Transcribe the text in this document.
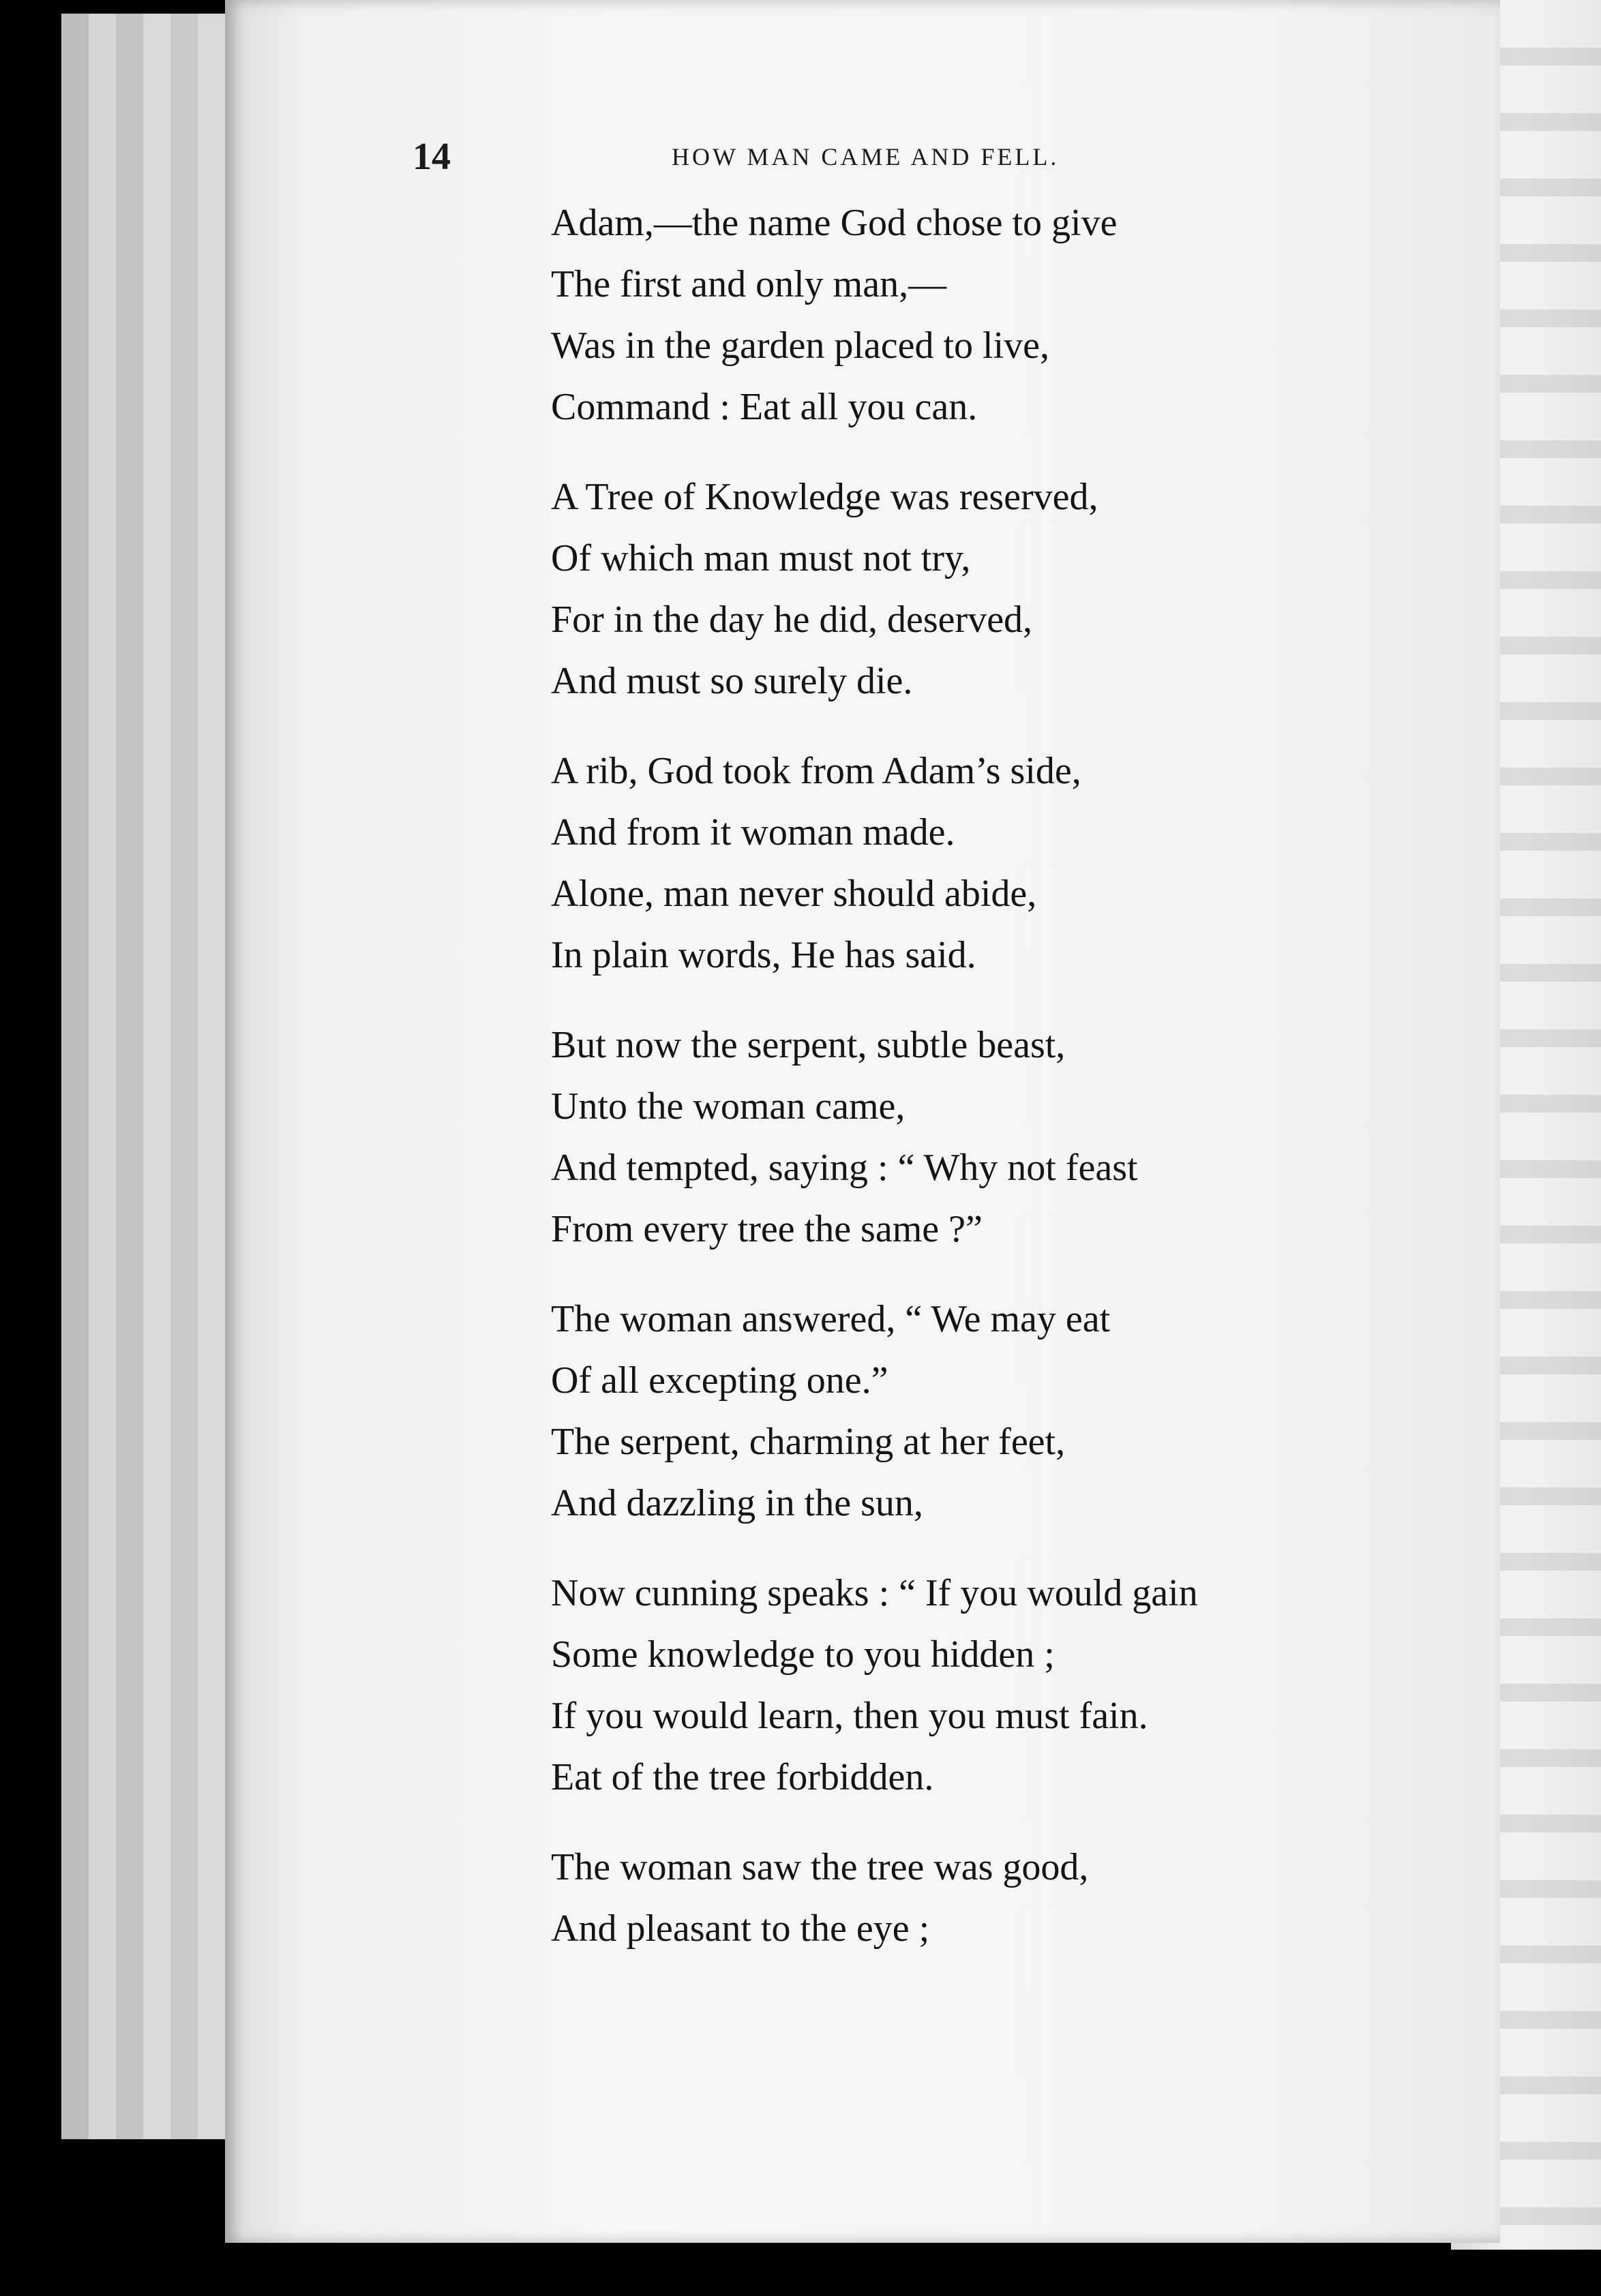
14	HOW MAN CAME AND FELL.
Adam,—the name God chose to give
The first and only man,—
Was in the garden placed to live,
Command : Eat all you can.
A Tree of Knowledge was reserved,
Of which man must not try,
For in the day he did, deserved,
And must so surely die.
A rib, God took from Adam’s side,
And from it woman made.
Alone, man never should abide,
In plain words, He has said.
But now the serpent, subtle beast,
Unto the woman came,
And tempted, saying : “ Why not feast
From every tree the same ?”
The woman answered, “ We may eat
Of all excepting one.”
The serpent, charming at her feet,
And dazzling in the sun,
Now cunning speaks : “ If you would gain
Some knowledge to you hidden ;
If you would learn, then you must fain.
Eat of the tree forbidden.
The woman saw the tree was good,
And pleasant to the eye ;
